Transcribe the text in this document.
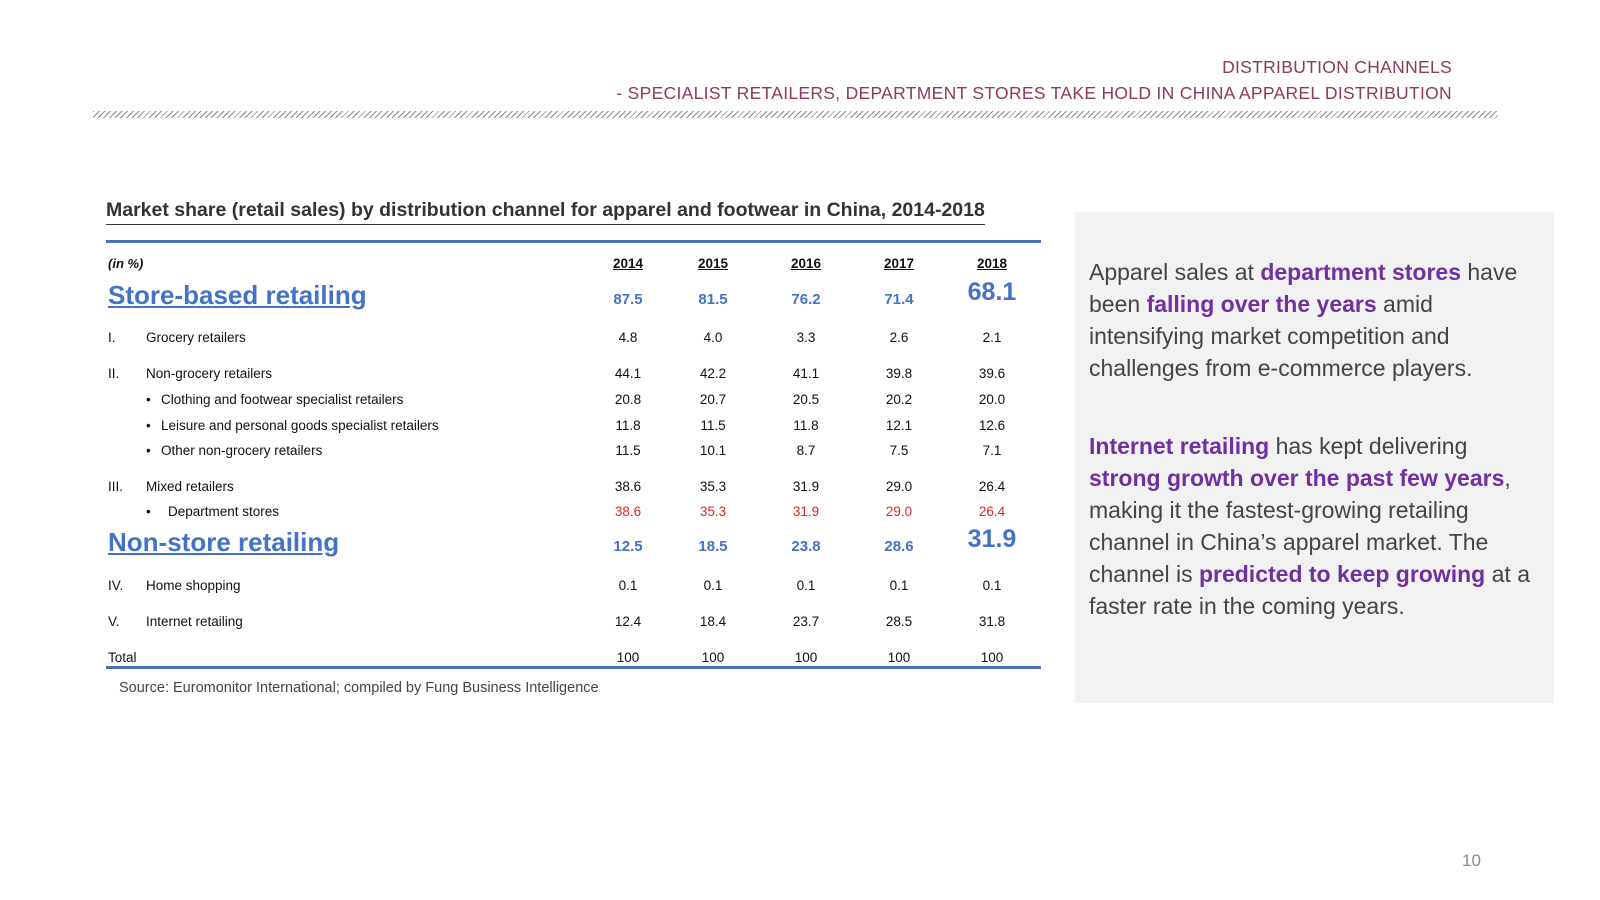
DISTRIBUTION CHANNELS
- SPECIALIST RETAILERS, DEPARTMENT STORES TAKE HOLD IN CHINA APPAREL DISTRIBUTION
Market share (retail sales) by distribution channel for apparel and footwear in China, 2014-2018
(in %)	2014	2015	2016	2017	2018
Store-based retailing	87.5	81.5	76.2	71.4	68.1
I. Grocery retailers	4.8	4.0	3.3	2.6	2.1
II. Non-grocery retailers	44.1	42.2	41.1	39.8	39.6
• Clothing and footwear specialist retailers	20.8	20.7	20.5	20.2	20.0
• Leisure and personal goods specialist retailers	11.8	11.5	11.8	12.1	12.6
• Other non-grocery retailers	11.5	10.1	8.7	7.5	7.1
III. Mixed retailers	38.6	35.3	31.9	29.0	26.4
• Department stores	38.6	35.3	31.9	29.0	26.4
Non-store retailing	12.5	18.5	23.8	28.6	31.9
IV. Home shopping	0.1	0.1	0.1	0.1	0.1
V. Internet retailing	12.4	18.4	23.7	28.5	31.8
Total	100	100	100	100	100
Source: Euromonitor International; compiled by Fung Business Intelligence
Apparel sales at department stores have been falling over the years amid intensifying market competition and challenges from e-commerce players.
Internet retailing has kept delivering strong growth over the past few years, making it the fastest-growing retailing channel in China’s apparel market. The channel is predicted to keep growing at a faster rate in the coming years.
10
